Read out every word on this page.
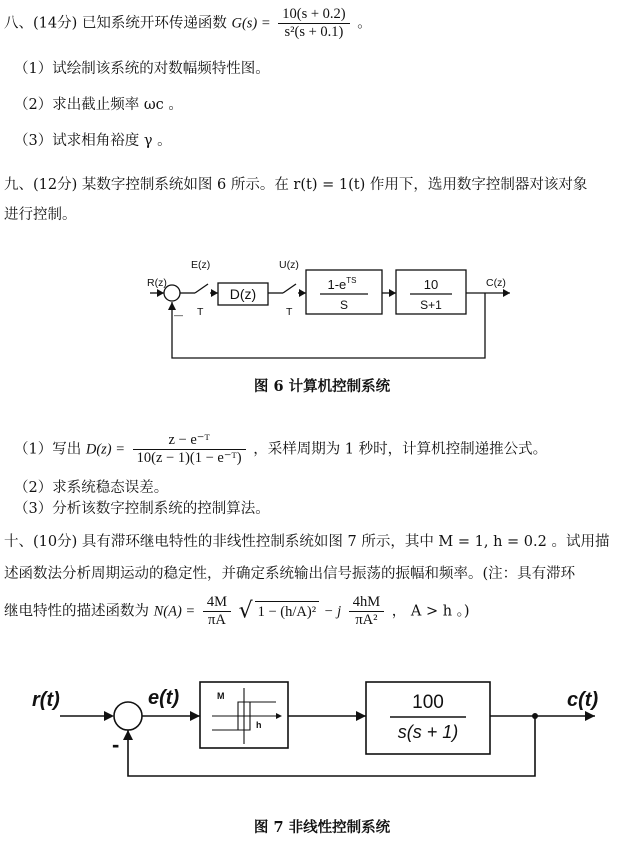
八、(14分) 已知系统开环传递函数 $G(s) = \frac{10(s + 0.2)}{\text{s²(s + 0.1)}}$ 。
（1）试绘制该系统的对数幅频特性图。
（2）求出截止频率 ωc 。
（3）试求相角裕度 γ 。
九、(12分) 某数字控制系统如图 6 所示。在 r(t) = 1(t) 作用下，选用数字控制器对该对象
进行控制。
R(z)
E(z)	U(z)
C(z)
T	T
—
D(z)
$1-e^{TS}$
S
10
S+1
图 6 计算机控制系统
（1）写出 $D(z) = \frac{\text{z − e⁻ᵀ}}{\text{10(z − 1)(1 − e⁻ᵀ)}}$ ，采样周期为 1 秒时，计算机控制递推公式。
（2）求系统稳态误差。
（3）分析该数字控制系统的控制算法。
十、(10分) 具有滞环继电特性的非线性控制系统如图 7 所示，其中 M = 1, h = 0.2 。试用描
述函数法分析周期运动的稳定性，并确定系统输出信号振荡的振幅和频率。(注：具有滞环
继电特性的描述函数为 $N(A) = \frac{4M}{\pi A}$ √ 1 − (h/A)² − j $\frac{4hM}{\text{πA²}}$ ， A > h 。)
r(t)	e(t)	c(t)
-
M
h
100
s(s + 1)
图 7 非线性控制系统
